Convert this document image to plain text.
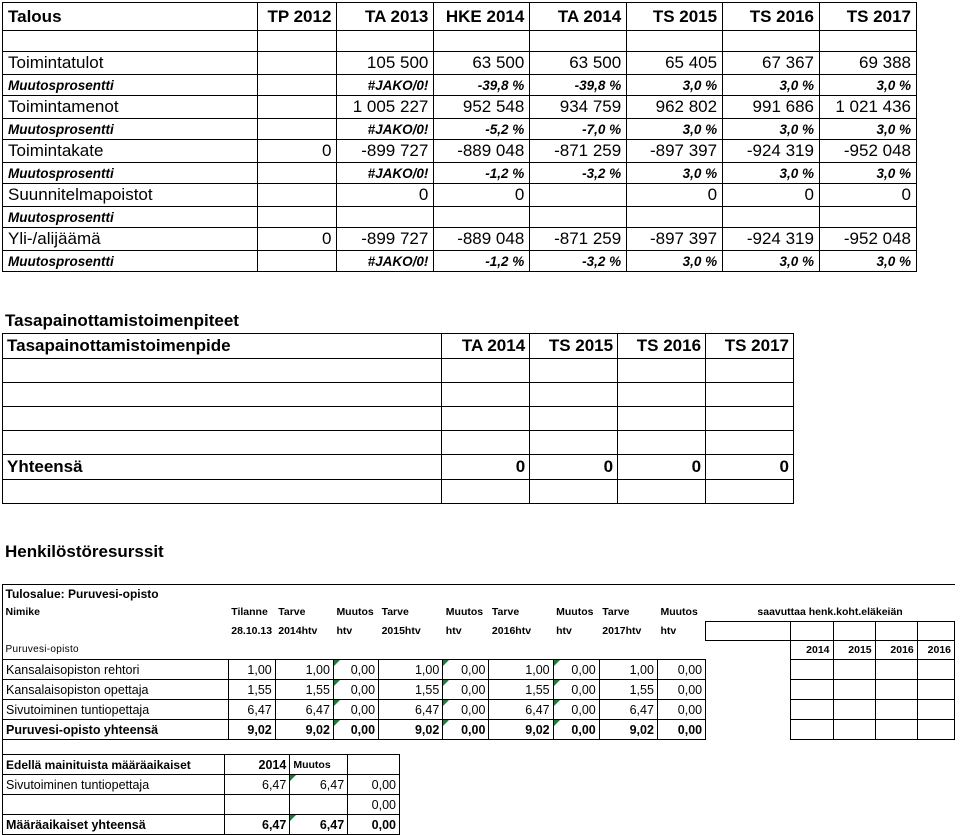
Talous	TP 2012	TA 2013	HKE 2014	TA 2014	TS 2015	TS 2016	TS 2017

Toimintatulot		105 500	63 500	63 500	65 405	67 367	69 388
Muutosprosentti		#JAKO/0!	-39,8 %	-39,8 %	3,0 %	3,0 %	3,0 %
Toimintamenot		1 005 227	952 548	934 759	962 802	991 686	1 021 436
Muutosprosentti		#JAKO/0!	-5,2 %	-7,0 %	3,0 %	3,0 %	3,0 %
Toimintakate	0	-899 727	-889 048	-871 259	-897 397	-924 319	-952 048
Muutosprosentti		#JAKO/0!	-1,2 %	-3,2 %	3,0 %	3,0 %	3,0 %
Suunnitelmapoistot		0	0		0	0	0
Muutosprosentti							
Yli-/alijäämä	0	-899 727	-889 048	-871 259	-897 397	-924 319	-952 048
Muutosprosentti		#JAKO/0!	-1,2 %	-3,2 %	3,0 %	3,0 %	3,0 %
Tasapainottamistoimenpiteet
Tasapainottamistoimenpide	TA 2014	TS 2015	TS 2016	TS 2017

Yhteensä	0	0	0	0

Henkilöstöresurssit
Tulosalue: Puruvesi-opisto														
Nimike	Tilanne	Tarve	Muutos	Tarve	Muutos	Tarve	Muutos	Tarve	Muutos	saavuttaa henk.koht.eläkeiän				
	28.10.13	2014htv	htv	2015htv	htv	2016htv	htv	2017htv	htv					
Puruvesi-opisto											2014	2015	2016	2016
Kansalaisopiston rehtori	1,00	1,00	0,00	1,00	0,00	1,00	0,00	1,00	0,00					
Kansalaisopiston opettaja	1,55	1,55	0,00	1,55	0,00	1,55	0,00	1,55	0,00					
Sivutoiminen tuntiopettaja	6,47	6,47	0,00	6,47	0,00	6,47	0,00	6,47	0,00					
Puruvesi-opisto yhteensä	9,02	9,02	0,00	9,02	0,00	9,02	0,00	9,02	0,00					
Edellä mainituista määräaikaiset	2014	Muutos	
Sivutoiminen tuntiopettaja	6,47	6,47	0,00
			0,00
Määräaikaiset yhteensä	6,47	6,47	0,00
